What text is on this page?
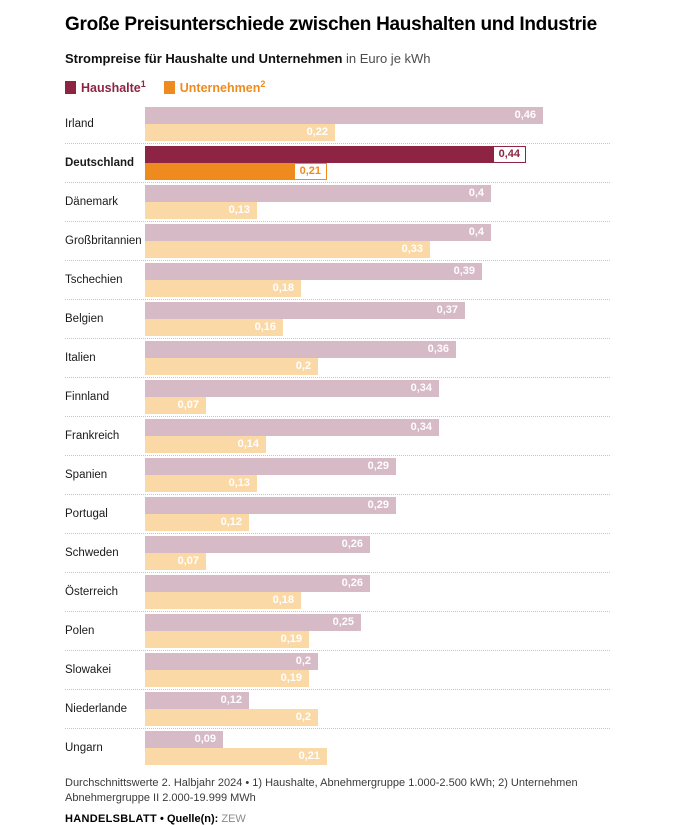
Große Preisunterschiede zwischen Haushalten und Industrie
Strompreise für Haushalte und Unternehmen in Euro je kWh
Haushalte$^1$	Unternehmen$^2$
Irland
0,46
0,22
Deutschland
0,44
0,21
Dänemark
0,4
0,13
Großbritannien
0,4
0,33
Tschechien
0,39
0,18
Belgien
0,37
0,16
Italien
0,36
0,2
Finnland
0,34
0,07
Frankreich
0,34
0,14
Spanien
0,29
0,13
Portugal
0,29
0,12
Schweden
0,26
0,07
Österreich
0,26
0,18
Polen
0,25
0,19
Slowakei
0,2
0,19
Niederlande
0,12
0,2
Ungarn
0,09
0,21
Durchschnittswerte 2. Halbjahr 2024 • 1) Haushalte, Abnehmergruppe 1.000-2.500 kWh; 2) Unternehmen
Abnehmergruppe II 2.000-19.999 MWh
HANDELSBLATT • Quelle(n): ZEW
